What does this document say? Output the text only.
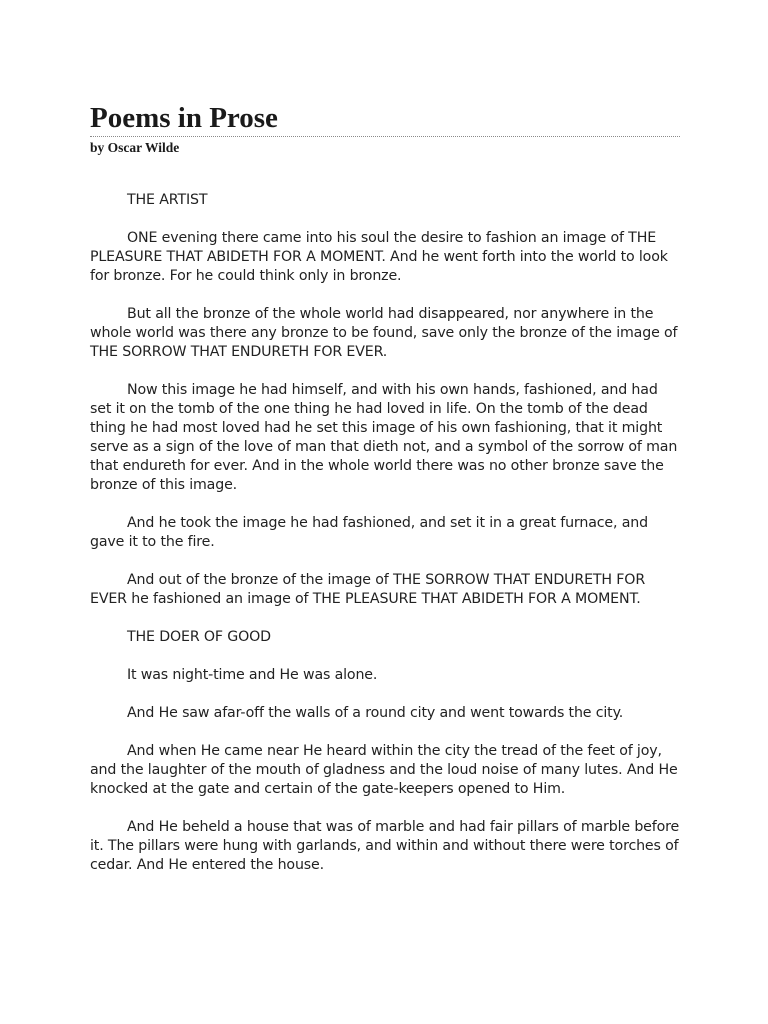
Poems in Prose
by Oscar Wilde

THE ARTIST

ONE evening there came into his soul the desire to fashion an image of THE PLEASURE THAT ABIDETH FOR A MOMENT. And he went forth into the world to look for bronze. For he could think only in bronze.

But all the bronze of the whole world had disappeared, nor anywhere in the whole world was there any bronze to be found, save only the bronze of the image of THE SORROW THAT ENDURETH FOR EVER.

Now this image he had himself, and with his own hands, fashioned, and had set it on the tomb of the one thing he had loved in life. On the tomb of the dead thing he had most loved had he set this image of his own fashioning, that it might serve as a sign of the love of man that dieth not, and a symbol of the sorrow of man that endureth for ever. And in the whole world there was no other bronze save the bronze of this image.

And he took the image he had fashioned, and set it in a great furnace, and gave it to the fire.

And out of the bronze of the image of THE SORROW THAT ENDURETH FOR EVER he fashioned an image of THE PLEASURE THAT ABIDETH FOR A MOMENT.

THE DOER OF GOOD

It was night-time and He was alone.

And He saw afar-off the walls of a round city and went towards the city.

And when He came near He heard within the city the tread of the feet of joy, and the laughter of the mouth of gladness and the loud noise of many lutes. And He knocked at the gate and certain of the gate-keepers opened to Him.

And He beheld a house that was of marble and had fair pillars of marble before it. The pillars were hung with garlands, and within and without there were torches of cedar. And He entered the house.
